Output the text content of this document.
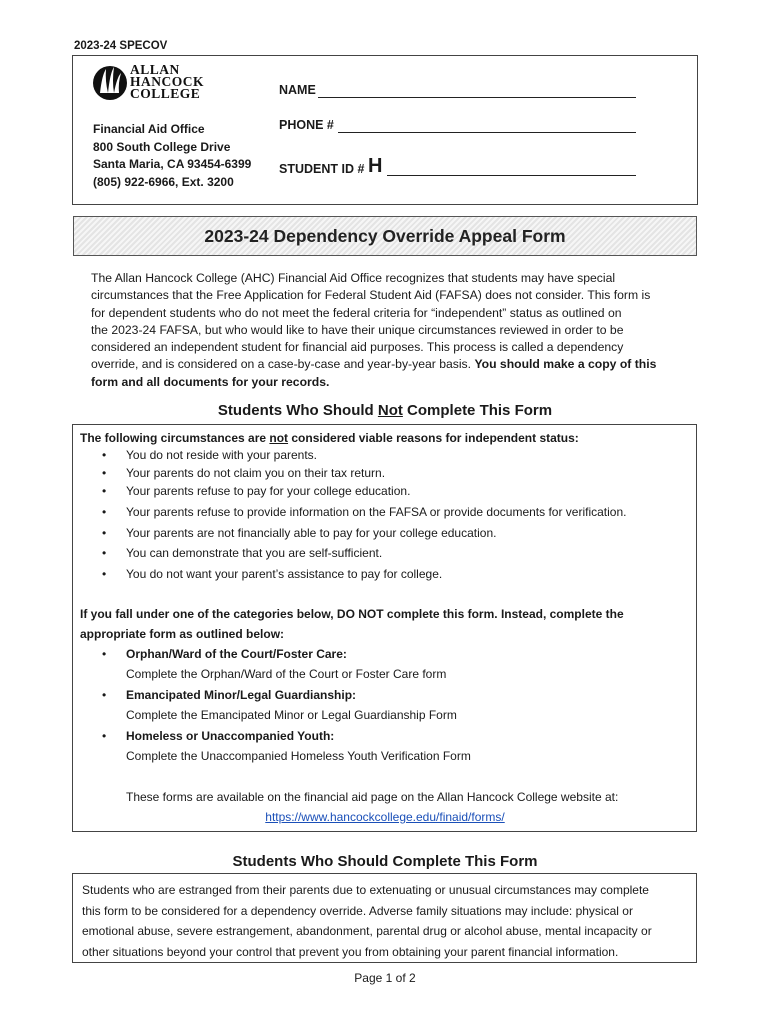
2023-24 SPECOV
ALLAN
HANCOCK
COLLEGE
Financial Aid Office
800 South College Drive
Santa Maria, CA 93454-6399
(805) 922-6966, Ext. 3200
NAME
PHONE #
STUDENT ID # H
2023-24 Dependency Override Appeal Form

The Allan Hancock College (AHC) Financial Aid Office recognizes that students may have special

circumstances that the Free Application for Federal Student Aid (FAFSA) does not consider. This form is

for dependent students who do not meet the federal criteria for “independent” status as outlined on

the 2023-24 FAFSA, but who would like to have their unique circumstances reviewed in order to be

considered an independent student for financial aid purposes. This process is called a dependency

override, and is considered on a case-by-case and year-by-year basis. You should make a copy of this

form and all documents for your records.

Students Who Should Not Complete This Form
The following circumstances are not considered viable reasons for independent status:
• You do not reside with your parents.
• Your parents do not claim you on their tax return.
• Your parents refuse to pay for your college education.
• Your parents refuse to provide information on the FAFSA or provide documents for verification.
• Your parents are not financially able to pay for your college education.
• You can demonstrate that you are self-sufficient.
• You do not want your parent’s assistance to pay for college.
If you fall under one of the categories below, DO NOT complete this form. Instead, complete the
appropriate form as outlined below:
• Orphan/Ward of the Court/Foster Care:
Complete the Orphan/Ward of the Court or Foster Care form
• Emancipated Minor/Legal Guardianship:
Complete the Emancipated Minor or Legal Guardianship Form
• Homeless or Unaccompanied Youth:
Complete the Unaccompanied Homeless Youth Verification Form
These forms are available on the financial aid page on the Allan Hancock College website at:
https://www.hancockcollege.edu/finaid/forms/
Students Who Should Complete This Form
Students who are estranged from their parents due to extenuating or unusual circumstances may complete
this form to be considered for a dependency override. Adverse family situations may include: physical or
emotional abuse, severe estrangement, abandonment, parental drug or alcohol abuse, mental incapacity or
other situations beyond your control that prevent you from obtaining your parent financial information.
Page 1 of 2
